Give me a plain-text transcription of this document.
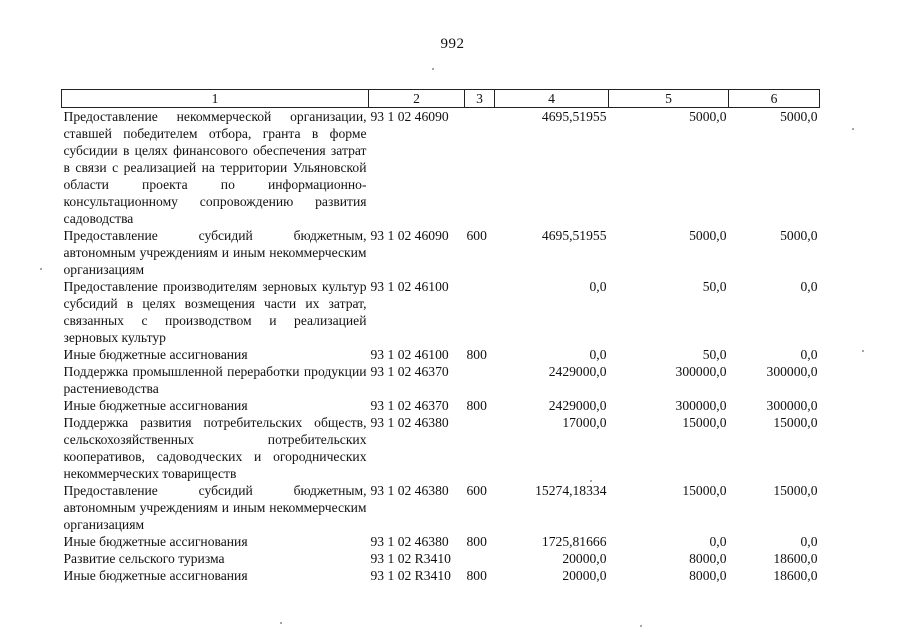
992
1	2	3	4	5	6
Предоставление некоммерческой организации, ставшей победителем отбора, гранта в форме субсидии в целях финансового обеспечения затрат в связи с реализацией на территории Ульяновской области проекта по информационно-консультационному сопровождению развития садоводства	93 1 02 46090		4695,51955	5000,0	5000,0
Предоставление субсидий бюджетным, автономным учреждениям и иным некоммерческим организациям	93 1 02 46090	600	4695,51955	5000,0	5000,0
Предоставление производителям зерновых культур субсидий в целях возмещения части их затрат, связанных с производством и реализацией зерновых культур	93 1 02 46100		0,0	50,0	0,0
Иные бюджетные ассигнования	93 1 02 46100	800	0,0	50,0	0,0
Поддержка промышленной переработки продукции растениеводства	93 1 02 46370		2429000,0	300000,0	300000,0
Иные бюджетные ассигнования	93 1 02 46370	800	2429000,0	300000,0	300000,0
Поддержка развития потребительских обществ, сельскохозяйственных потребительских кооперативов, садоводческих и огороднических некоммерческих товариществ	93 1 02 46380		17000,0	15000,0	15000,0
Предоставление субсидий бюджетным, автономным учреждениям и иным некоммерческим организациям	93 1 02 46380	600	15274,18334	15000,0	15000,0
Иные бюджетные ассигнования	93 1 02 46380	800	1725,81666	0,0	0,0
Развитие сельского туризма	93 1 02 R3410		20000,0	8000,0	18600,0
Иные бюджетные ассигнования	93 1 02 R3410	800	20000,0	8000,0	18600,0
